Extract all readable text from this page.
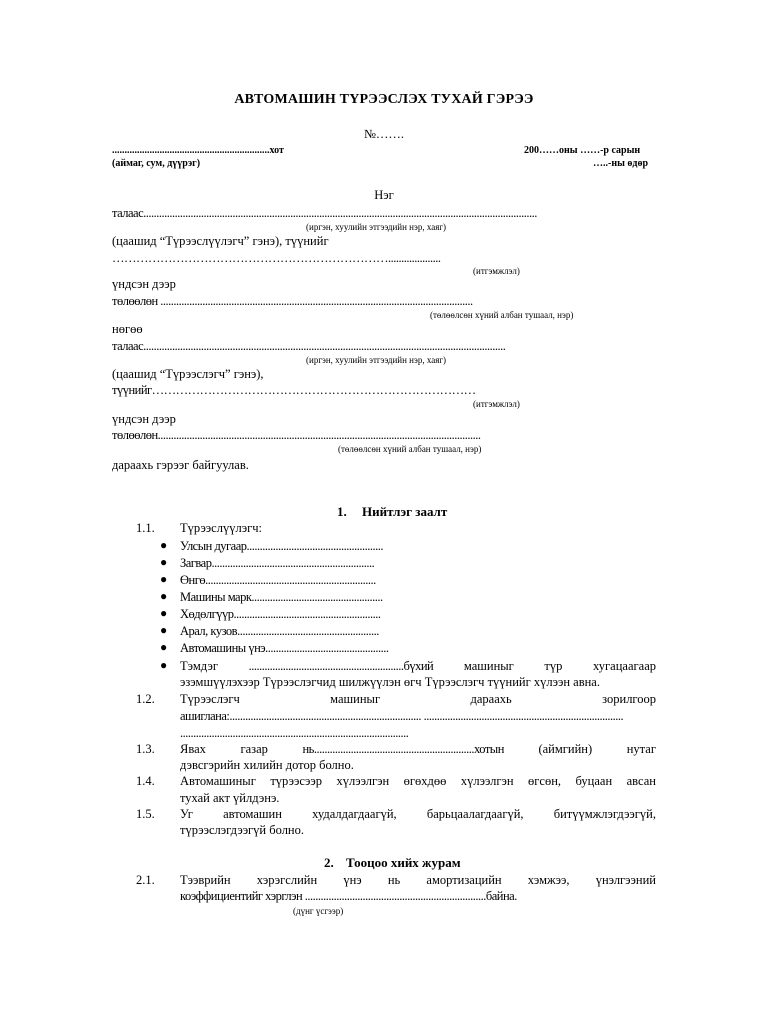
АВТОМАШИН ТҮРЭЭСЛЭХ ТУХАЙ ГЭРЭЭ
№…….
...............................................................хот
(аймаг, сум, дүүрэг)
200……оны ……-р сарын
…..-ны өдөр
Нэг
талаас......................................................................................................................................................
(иргэн, хуулийн этгээдийн нэр, хаяг)
(цаашид “Түрээслүүлэгч” гэнэ), түүнийг
……………………………………………………………....................
(итгэмжлэл)
үндсэн дээр
төлөөлөн .......................................................................................................................
(төлөөлсөн хүний албан тушаал, нэр)
нөгөө
талаас..........................................................................................................................................
(иргэн, хуулийн этгээдийн нэр, хаяг)
(цаашид “Түрээслэгч” гэнэ),
түүнийг………………………………………………………………………
(итгэмжлэл)
үндсэн дээр
төлөөлөн...........................................................................................................................
(төлөөлсөн хүний албан тушаал, нэр)
дараахь гэрээг байгуулав.
1. Нийтлэг заалт
1.1. Түрээслүүлэгч:
● Улсын дугаар....................................................
● Загвар..............................................................
● Өнгө.................................................................
● Машины марк..................................................
● Хөдөлгүүр........................................................
● Арал, кузов......................................................
● Автомашины үнэ...............................................
● Тэмдэг ...........................................................бүхий машиныг түр хугацаагаар
эзэмшүүлэхээр Түрээслэгчид шилжүүлэн өгч Түрээслэгч түүнийг хүлээн авна.
1.2. Түрээслэгч	машиныг	дараахь	зорилгоор
ашиглана:......................................................................... ............................................................................
.......................................................................................
1.3. Явах	газар	нь.............................................................хотын	(аймгийн)	нутаг
дэвсгэрийн хилийн дотор болно.
1.4. Автомашиныг түрээсээр хүлээлгэн өгөхдөө хүлээлгэн өгсөн, буцаан авсан
тухай акт үйлдэнэ.
1.5. Уг автомашин худалдагдаагүй, барьцаалагдаагүй, битүүмжлэгдээгүй,
түрээслэгдээгүй болно.
2. Тооцоо хийх журам
2.1. Тээврийн хэрэгслийн үнэ нь амортизацийн хэмжээ, үнэлгээний
коэффициентийг хэрглэн .....................................................................байна.
(дүнг үсгээр)
